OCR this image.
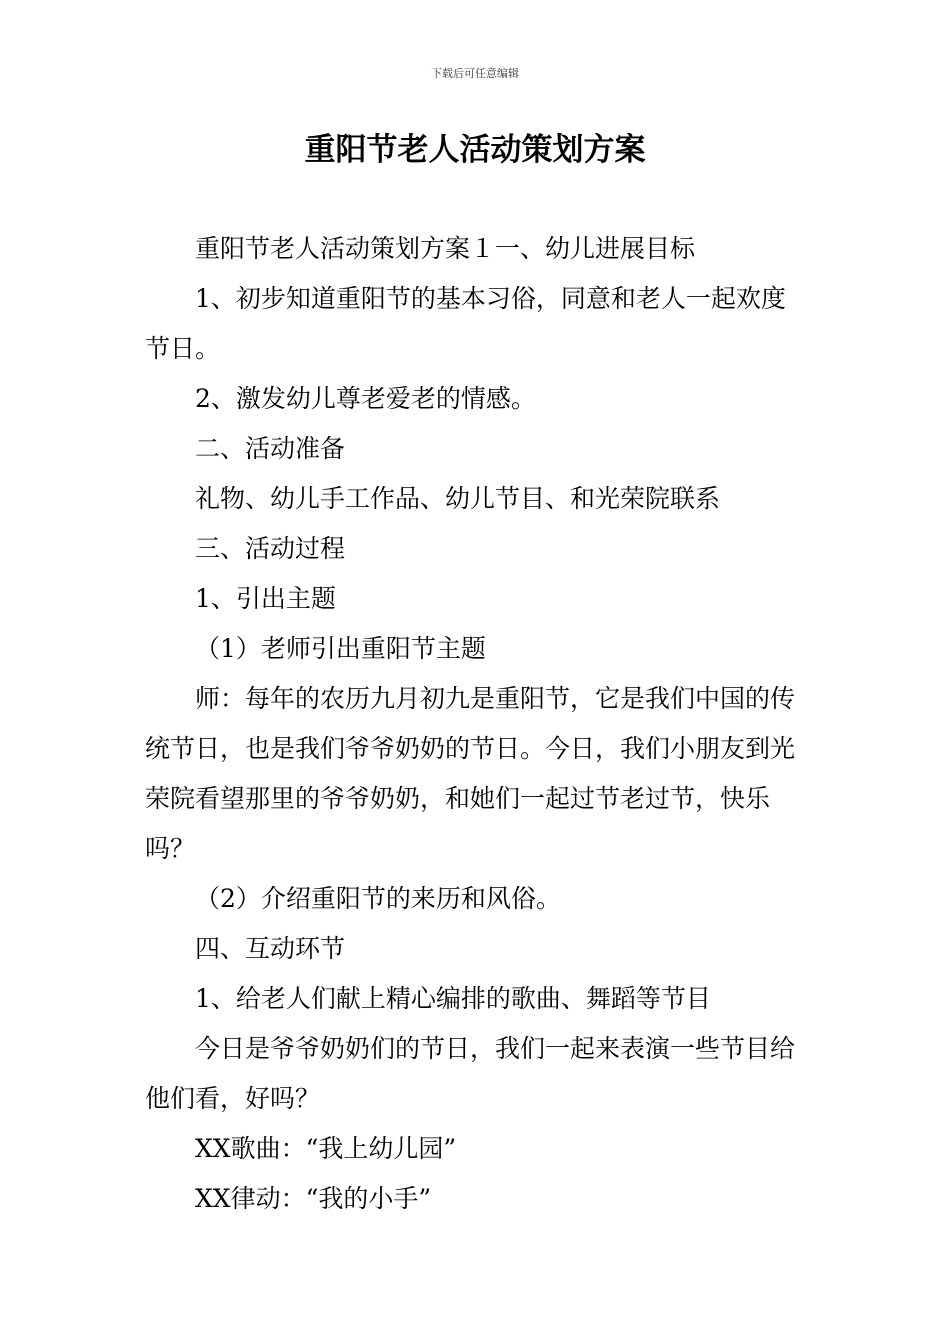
下载后可任意编辑
重阳节老人活动策划方案

重阳节老人活动策划方案１一、幼儿进展目标

1、初步知道重阳节的基本习俗，同意和老人一起欢度节日。

2、激发幼儿尊老爱老的情感。

二、活动准备

礼物、幼儿手工作品、幼儿节目、和光荣院联系

三、活动过程

1、引出主题

（1）老师引出重阳节主题

师：每年的农历九月初九是重阳节，它是我们中国的传统节日，也是我们爷爷奶奶的节日。今日，我们小朋友到光荣院看望那里的爷爷奶奶，和她们一起过节老过节，快乐吗？

（2）介绍重阳节的来历和风俗。

四、互动环节

1、给老人们献上精心编排的歌曲、舞蹈等节目

今日是爷爷奶奶们的节日，我们一起来表演一些节目给他们看，好吗？

XX歌曲：“我上幼儿园”

XX律动：“我的小手”
